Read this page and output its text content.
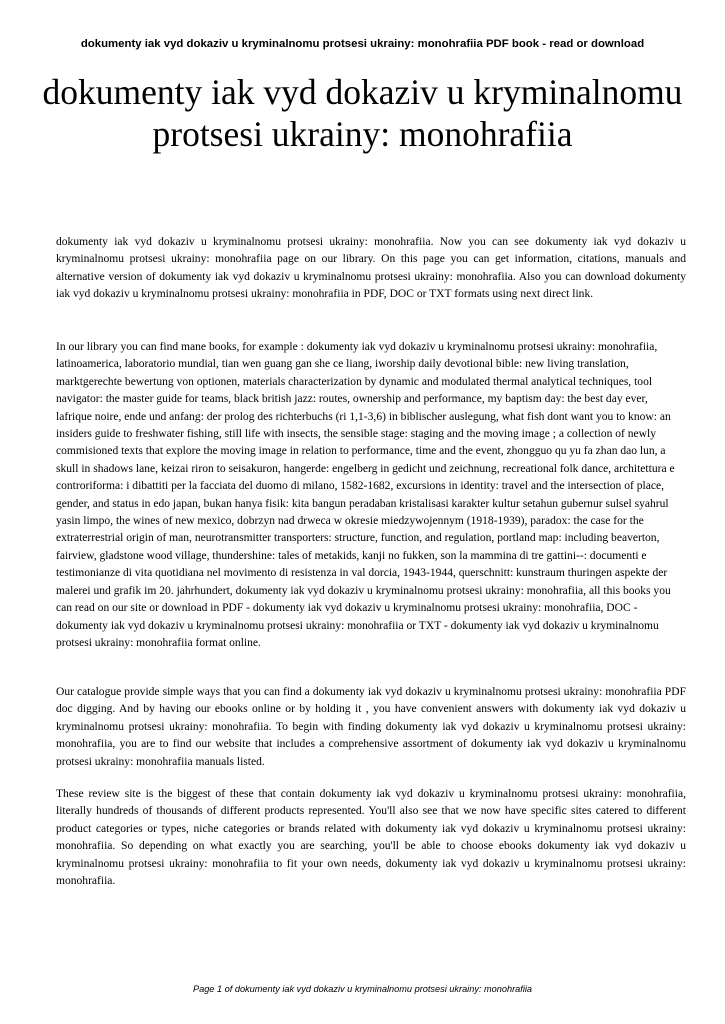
dokumenty iak vyd dokaziv u kryminalnomu protsesi ukrainy: monohrafiia PDF book - read or download
dokumenty iak vyd dokaziv u kryminalnomu protsesi ukrainy: monohrafiia

dokumenty iak vyd dokaziv u kryminalnomu protsesi ukrainy: monohrafiia. Now you can see dokumenty iak vyd dokaziv u kryminalnomu protsesi ukrainy: monohrafiia page on our library. On this page you can get information, citations, manuals and alternative version of dokumenty iak vyd dokaziv u kryminalnomu protsesi ukrainy: monohrafiia. Also you can download dokumenty iak vyd dokaziv u kryminalnomu protsesi ukrainy: monohrafiia in PDF, DOC or TXT formats using next direct link.

In our library you can find mane books, for example : dokumenty iak vyd dokaziv u kryminalnomu protsesi ukrainy: monohrafiia, latinoamerica, laboratorio mundial, tian wen guang gan she ce liang, iworship daily devotional bible: new living translation, marktgerechte bewertung von optionen, materials characterization by dynamic and modulated thermal analytical techniques, tool navigator: the master guide for teams, black british jazz: routes, ownership and performance, my baptism day: the best day ever, lafrique noire, ende und anfang: der prolog des richterbuchs (ri 1,1-3,6) in biblischer auslegung, what fish dont want you to know: an insiders guide to freshwater fishing, still life with insects, the sensible stage: staging and the moving image ; a collection of newly commisioned texts that explore the moving image in relation to performance, time and the event, zhongguo qu yu fa zhan dao lun, a skull in shadows lane, keizai riron to seisakuron, hangerde: engelberg in gedicht und zeichnung, recreational folk dance, architettura e controriforma: i dibattiti per la facciata del duomo di milano, 1582-1682, excursions in identity: travel and the intersection of place, gender, and status in edo japan, bukan hanya fisik: kita bangun peradaban kristalisasi karakter kultur setahun gubernur sulsel syahrul yasin limpo, the wines of new mexico, dobrzyn nad drweca w okresie miedzywojennym (1918-1939), paradox: the case for the extraterrestrial origin of man, neurotransmitter transporters: structure, function, and regulation, portland map: including beaverton, fairview, gladstone wood village, thundershine: tales of metakids, kanji no fukken, son la mammina di tre gattini--: documenti e testimonianze di vita quotidiana nel movimento di resistenza in val dorcia, 1943-1944, querschnitt: kunstraum thuringen aspekte der malerei und grafik im 20. jahrhundert, dokumenty iak vyd dokaziv u kryminalnomu protsesi ukrainy: monohrafiia, all this books you can read on our site or download in PDF - dokumenty iak vyd dokaziv u kryminalnomu protsesi ukrainy: monohrafiia, DOC - dokumenty iak vyd dokaziv u kryminalnomu protsesi ukrainy: monohrafiia or TXT - dokumenty iak vyd dokaziv u kryminalnomu protsesi ukrainy: monohrafiia format online.

Our catalogue provide simple ways that you can find a dokumenty iak vyd dokaziv u kryminalnomu protsesi ukrainy: monohrafiia PDF doc digging. And by having our ebooks online or by holding it , you have convenient answers with dokumenty iak vyd dokaziv u kryminalnomu protsesi ukrainy: monohrafiia. To begin with finding dokumenty iak vyd dokaziv u kryminalnomu protsesi ukrainy: monohrafiia, you are to find our website that includes a comprehensive assortment of dokumenty iak vyd dokaziv u kryminalnomu protsesi ukrainy: monohrafiia manuals listed.

These review site is the biggest of these that contain dokumenty iak vyd dokaziv u kryminalnomu protsesi ukrainy: monohrafiia, literally hundreds of thousands of different products represented. You'll also see that we now have specific sites catered to different product categories or types, niche categories or brands related with dokumenty iak vyd dokaziv u kryminalnomu protsesi ukrainy: monohrafiia. So depending on what exactly you are searching, you'll be able to choose ebooks dokumenty iak vyd dokaziv u kryminalnomu protsesi ukrainy: monohrafiia to fit your own needs, dokumenty iak vyd dokaziv u kryminalnomu protsesi ukrainy: monohrafiia.

Page 1 of dokumenty iak vyd dokaziv u kryminalnomu protsesi ukrainy: monohrafiia
